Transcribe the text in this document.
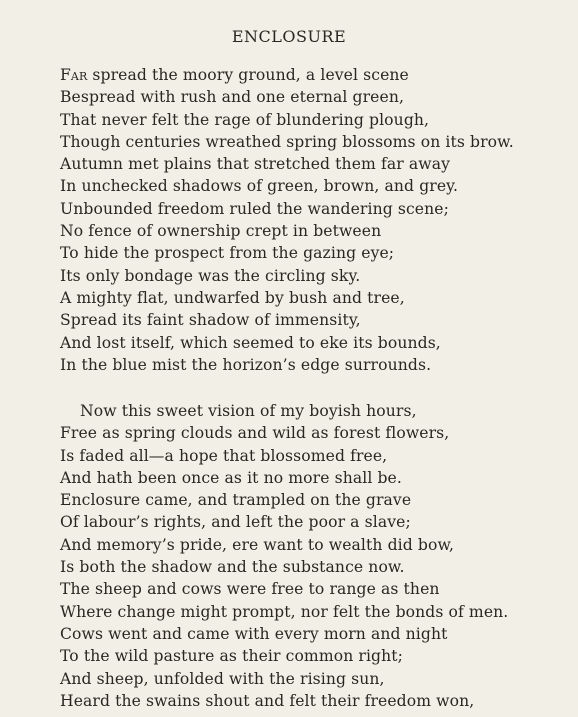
ENCLOSURE
Far spread the moory ground, a level scene
Bespread with rush and one eternal green,
That never felt the rage of blundering plough,
Though centuries wreathed spring blossoms on its brow.
Autumn met plains that stretched them far away
In unchecked shadows of green, brown, and grey.
Unbounded freedom ruled the wandering scene;
No fence of ownership crept in between
To hide the prospect from the gazing eye;
Its only bondage was the circling sky.
A mighty flat, undwarfed by bush and tree,
Spread its faint shadow of immensity,
And lost itself, which seemed to eke its bounds,
In the blue mist the horizon’s edge surrounds.
Now this sweet vision of my boyish hours,
Free as spring clouds and wild as forest flowers,
Is faded all—a hope that blossomed free,
And hath been once as it no more shall be.
Enclosure came, and trampled on the grave
Of labour’s rights, and left the poor a slave;
And memory’s pride, ere want to wealth did bow,
Is both the shadow and the substance now.
The sheep and cows were free to range as then
Where change might prompt, nor felt the bonds of men.
Cows went and came with every morn and night
To the wild pasture as their common right;
And sheep, unfolded with the rising sun,
Heard the swains shout and felt their freedom won,
